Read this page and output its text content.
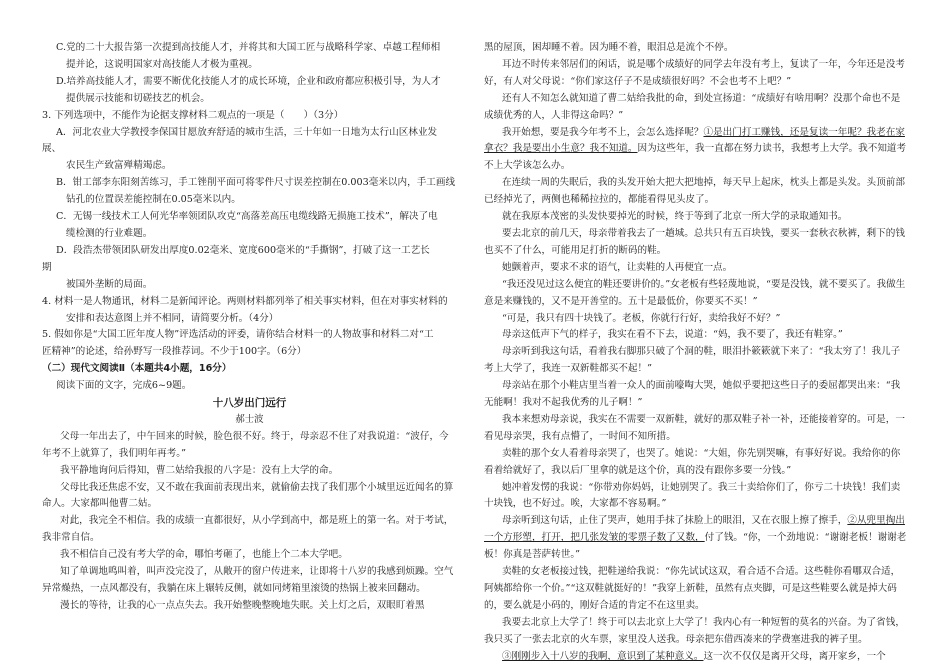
C.党的二十大报告第一次提到高技能人才，并将其和大国工匠与战略科学家、卓越工程师相
提并论，这说明国家对高技能人才极为重视。
D.培养高技能人才，需要不断优化技能人才的成长环境，企业和政府都应积极引导，为人才
提供展示技能和切磋技艺的机会。
3. 下列选项中，不能作为论据支撑材料二观点的一项是（　　）（3分）
A．河北农业大学教授李保国甘愿放弃舒适的城市生活，三十年如一日地为太行山区林业发
展、
农民生产致富殚精竭虑。
B．钳工部李东阳刻苦练习，手工锉削平面可将零件尺寸误差控制在0.003毫米以内，手工画线
钻孔的位置误差能控制在0.05毫米以内。
C．无锡一线技术工人何光华率领团队攻克“高落差高压电缆线路无损施工技术”，解决了电
缆检测的行业难题。
D．段浩杰带领团队研发出厚度0.02毫米、宽度600毫米的“手撕钢”，打破了这一工艺长
期
被国外垄断的局面。
4. 材料一是人物通讯，材料二是新闻评论。两则材料都列举了相关事实材料，但在对事实材料的
安排和表达意图上并不相同，请简要分析。（4分）
5. 假如你是“大国工匠年度人物”评选活动的评委，请你结合材料一的人物故事和材料二对“工
匠精神”的论述，给孙野写一段推荐词。不少于100字。（6分）
（二）现代文阅读Ⅱ（本题共4小题，16分）
阅读下面的文字，完成6~9题。
十八岁出门远行
郝士波
父母一年出去了，中午回来的时候，脸色很不好。终于，母亲忍不住了对我说道：“波仔，今年考不上就算了，我们明年再考。”
我平静地询问后得知，曹二姑给我报的八字是：没有上大学的命。
父母比我还焦虑不安，又不敢在我面前表现出来，就偷偷去找了我们那个小城里远近闻名的算命人。大家都叫他曹二姑。
对此，我完全不相信。我的成绩一直都很好，从小学到高中，都是班上的第一名。对于考试，我非常自信。
我不相信自己没有考大学的命，哪怕考砸了，也能上个二本大学吧。
知了单调地鸣叫着，叫声没完没了，从敞开的窗户传进来，让即将十八岁的我感到烦躁。空气异常燥热，一点风都没有，我躺在床上辗转反侧，就如同烤箱里滚烫的热锅上被来回翻动。
漫长的等待，让我的心一点点失去。我开始整晚整晚地失眠。关上灯之后，双眼盯着黑
黑的屋顶，困却睡不着。因为睡不着，眼泪总是流个不停。
耳边不时传来邻居们的闲话，说是哪个成绩好的同学去年没有考上，复读了一年，今年还是没考好，有人对父母说：“你们家这仔子不是成绩很好吗？不会也考不上吧？”
还有人不知怎么就知道了曹二姑给我批的命，到处宣扬道：“成绩好有啥用啊？没那个命也不是成绩优秀的人，人非得这命吗？”
我开始想，要是我今年考不上，会怎么选择呢？①是出门打工赚钱，还是复读一年呢？我老在家拿衣？我是要出小生意？我不知道。因为这些年，我一直都在努力读书，我想考上大学。我不知道考不上大学该怎么办。
在连续一周的失眠后，我的头发开始大把大把地掉，每天早上起床，枕头上都是头发。头顶前部已经掉光了，两侧也稀稀拉拉的，都能看得见头皮了。
就在我原本茂密的头发快要掉光的时候，终于等到了北京一所大学的录取通知书。
要去北京的前几天，母亲带着我去了一趟城。总共只有五百块钱，要买一套秋衣秋裤，剩下的钱也买不了什么，可能用足打折的断码的鞋。
她颤着声，要求不求的语气，让卖鞋的人再便宜一点。
“我还没见过这么便宜的鞋还要讲价的。”女老板有些轻蔑地说，“要是没钱，就不要买了。我做生意是来赚钱的，又不是开善堂的。五十是最低价，你要买不买！”
“可是，我只有四十块钱了。老板，你就行行好，卖给我好不好？”
母亲这低声下气的样子，我实在看不下去，说道：“妈，我不要了，我还有鞋穿。”
母亲听到我这句话，看着我右脚那只破了个洞的鞋，眼泪扑簌簌就下来了：“我太穷了！我儿子考上大学了，我连一双新鞋都买不起！”
母亲站在那个小鞋店里当着一众人的面前嚎啕大哭，她似乎要把这些日子的委屈都哭出来：“我无能啊！我对不起我优秀的儿子啊！”
我本来想劝母亲说，我实在不需要一双新鞋，就好的那双鞋子补一补，还能接着穿的。可是，一看见母亲哭，我有点懵了，一时间不知所措。
卖鞋的那个女人看着母亲哭了，也哭了。她说：“大姐，你先别哭嘛，有事好好说。我给你的你看着给就好了，我以后厂里拿的就是这个价，真的没有跟你多要一分钱。”
她冲着发愣的我说：“你带劝你妈妈，让她别哭了。我三十卖给你们了，你亏二十块钱！我们卖十块钱，也不好过。唉，大家都不容易啊。”
母亲听到这句话，止住了哭声，她用手抹了抹脸上的眼泪，又在衣服上擦了擦手，②从兜里掏出一个方形塑，打开，把几张发皱的零票子数了又数，付了钱。“你，一个劲地说：“谢谢老板！谢谢老板！你真是菩萨转世。”
卖鞋的女老板接过钱，把鞋递给我说：“你先试试这双，看合适不合适。这些鞋你看哪双合适，阿姨都给你一个价。”“这双鞋就挺好的！”我穿上新鞋，虽然有点夹脚，可是这些鞋要么就是掉大码的，要么就是小码的，刚好合适的肯定不在这里卖。
我要去北京上大学了！终于可以去北京上大学了！我内心有一种短暂的莫名的兴奋。为了省钱，我只买了一张去北京的火车票，家里没人送我。母亲把东借西凑来的学费塞进我的裤子里。
③刚刚步入十八岁的我啊，意识到了某种意义。这一次不仅仅是离开父母，离开家乡，一个
